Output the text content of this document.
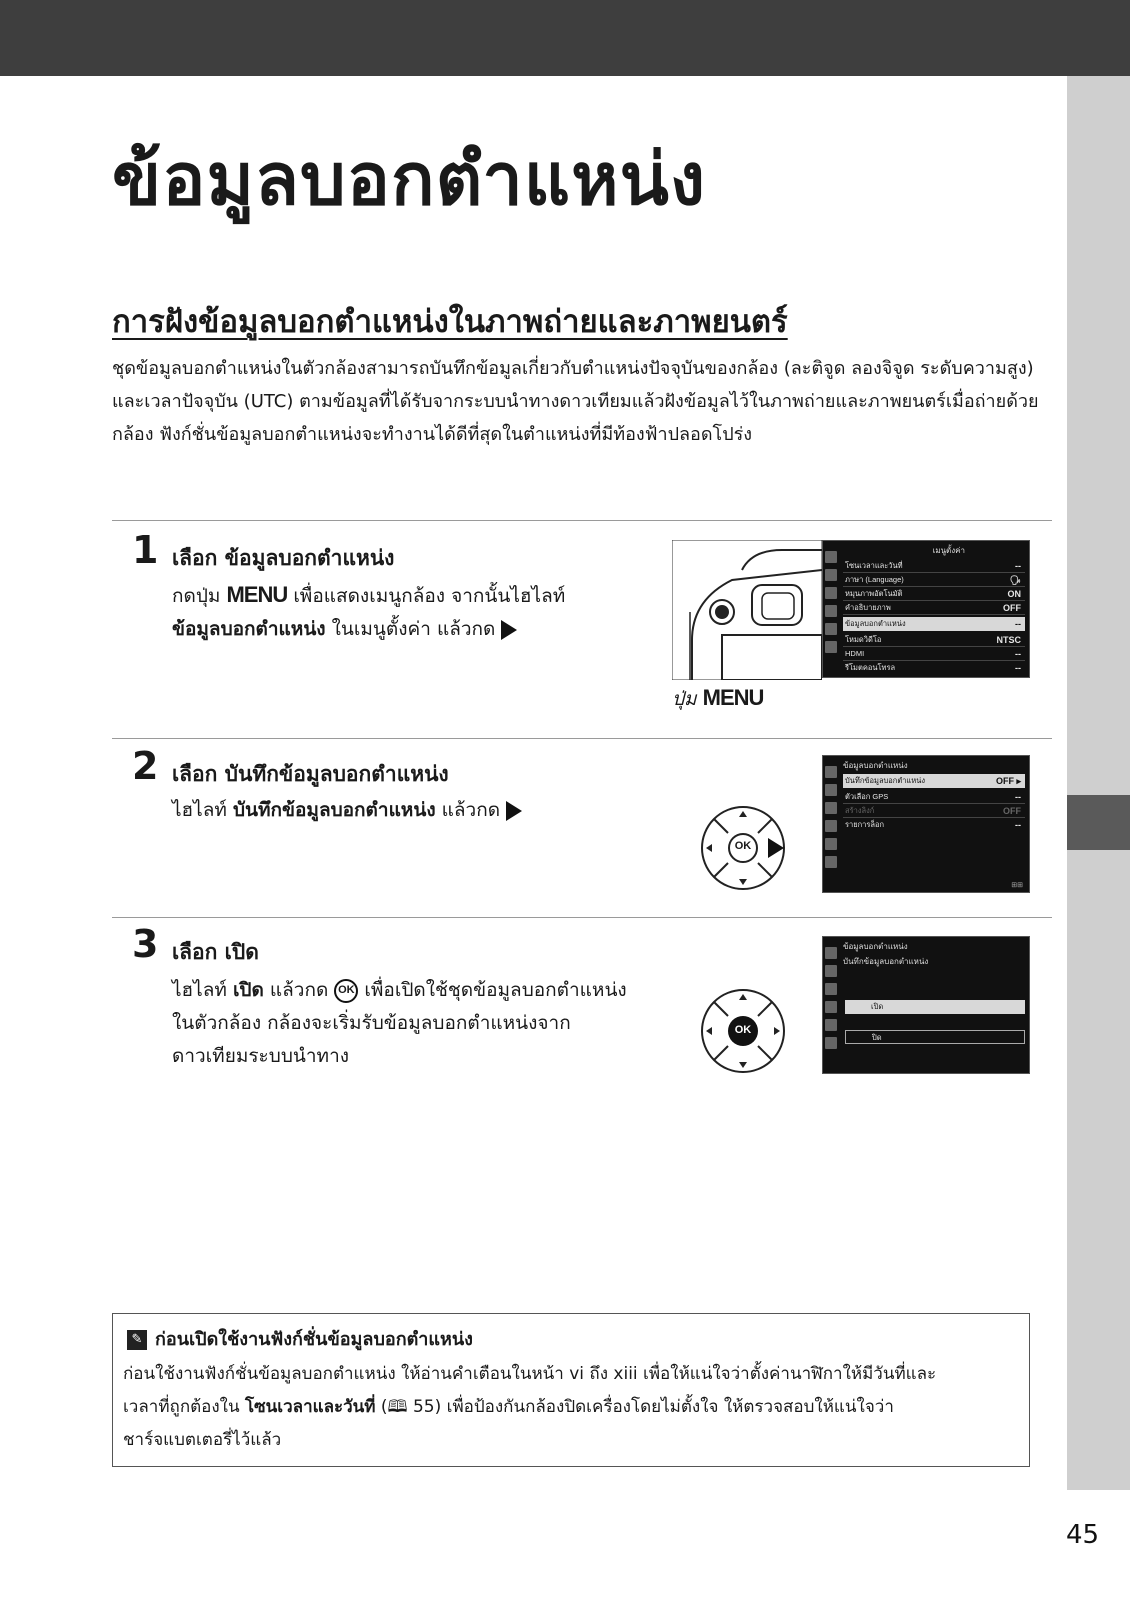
ข้อมูลบอกตำแหน่ง
การฝังข้อมูลบอกตำแหน่งในภาพถ่ายและภาพยนตร์
ชุดข้อมูลบอกตำแหน่งในตัวกล้องสามารถบันทึกข้อมูลเกี่ยวกับตำแหน่งปัจจุบันของกล้อง (ละติจูด ลองจิจูด ระดับความสูง) และเวลาปัจจุบัน (UTC) ตามข้อมูลที่ได้รับจากระบบนำทางดาวเทียมแล้วฝังข้อมูลไว้ในภาพถ่ายและภาพยนตร์เมื่อถ่ายด้วยกล้อง ฟังก์ชั่นข้อมูลบอกตำแหน่งจะทำงานได้ดีที่สุดในตำแหน่งที่มีท้องฟ้าปลอดโปร่ง
1 เลือก ข้อมูลบอกตำแหน่ง
กดปุ่ม MENU เพื่อแสดงเมนูกล้อง จากนั้นไฮไลท์
ข้อมูลบอกตำแหน่ง ในเมนูตั้งค่า แล้วกด
ปุ่ม MENU
เมนูตั้งค่า
โซนเวลาและวันที่	--
ภาษา (Language)	🗣
หมุนภาพอัตโนมัติ	ON
คำอธิบายภาพ	OFF
ข้อมูลบอกตำแหน่ง	--
โหมดวิดีโอ	NTSC
HDMI	--
รีโมตคอนโทรล	--
2 เลือก บันทึกข้อมูลบอกตำแหน่ง
ไฮไลท์ บันทึกข้อมูลบอกตำแหน่ง แล้วกด
OK
ข้อมูลบอกตำแหน่ง
บันทึกข้อมูลบอกตำแหน่ง	OFF ▸
ตัวเลือก GPS	--
สร้างลิงก์	OFF
รายการล็อก	--
⊞⊞
3 เลือก เปิด
ไฮไลท์ เปิด แล้วกด OK เพื่อเปิดใช้ชุดข้อมูลบอกตำแหน่ง
ในตัวกล้อง กล้องจะเริ่มรับข้อมูลบอกตำแหน่งจาก
ดาวเทียมระบบนำทาง
OK
ข้อมูลบอกตำแหน่ง
บันทึกข้อมูลบอกตำแหน่ง
เปิด
ปิด
✎ ก่อนเปิดใช้งานฟังก์ชั่นข้อมูลบอกตำแหน่ง
ก่อนใช้งานฟังก์ชั่นข้อมูลบอกตำแหน่ง ให้อ่านคำเตือนในหน้า vi ถึง xiii เพื่อให้แน่ใจว่าตั้งค่านาฬิกาให้มีวันที่และ
เวลาที่ถูกต้องใน โซนเวลาและวันที่ (🕮 55) เพื่อป้องกันกล้องปิดเครื่องโดยไม่ตั้งใจ ให้ตรวจสอบให้แน่ใจว่า
ชาร์จแบตเตอรี่ไว้แล้ว
45
